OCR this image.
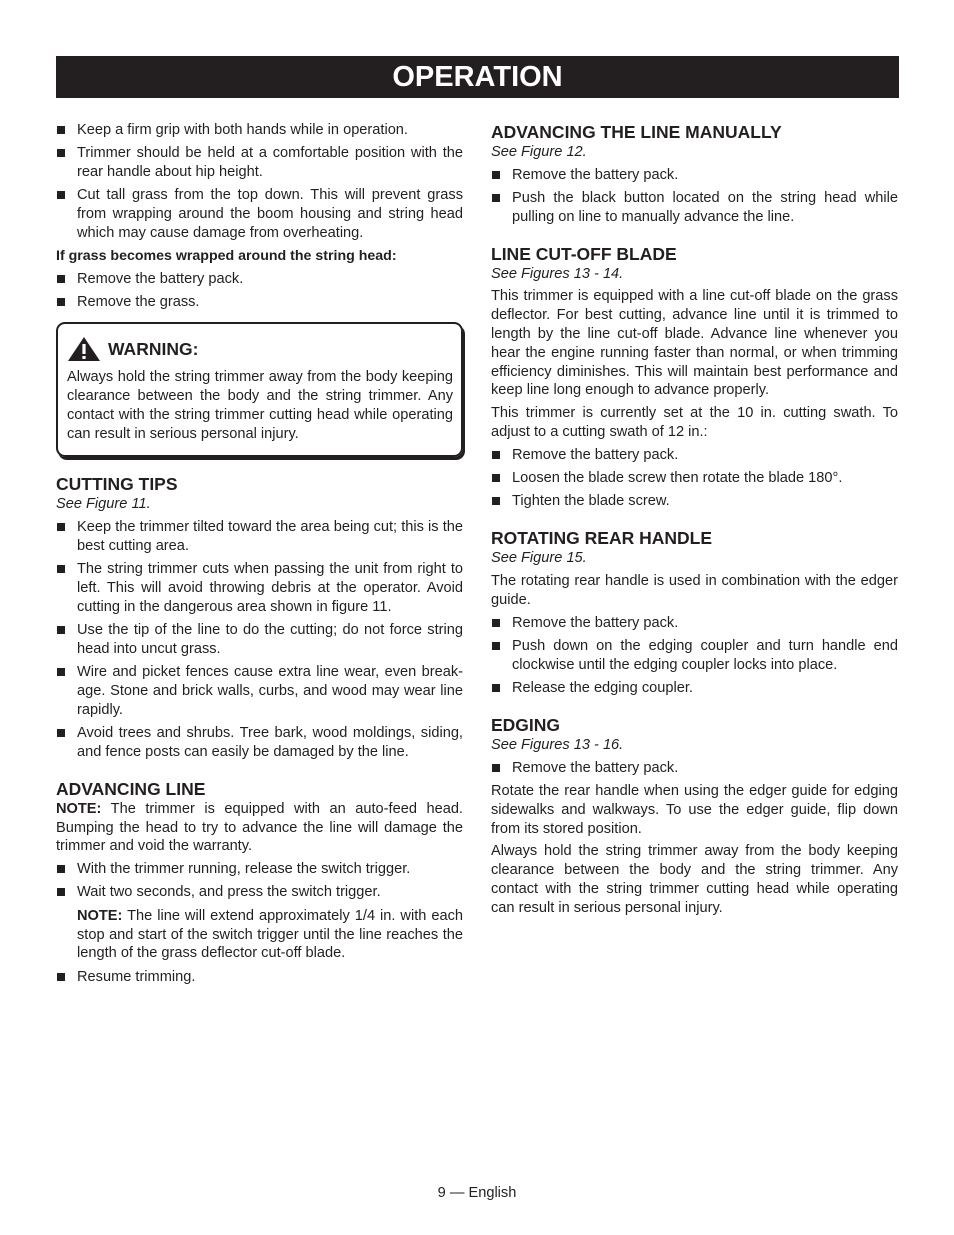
OPERATION
Keep a firm grip with both hands while in operation.
Trimmer should be held at a comfortable position with the rear handle about hip height.
Cut tall grass from the top down. This will prevent grass from wrapping around the boom housing and string head which may cause damage from overheating.
If grass becomes wrapped around the string head:
Remove the battery pack.
Remove the grass.
WARNING:

Always hold the string trimmer away from the body keeping clearance between the body and the string trimmer. Any contact with the string trimmer cutting head while operating can result in serious personal injury.

CUTTING TIPS
See Figure 11.
Keep the trimmer tilted toward the area being cut; this is the best cutting area.
The string trimmer cuts when passing the unit from right to left. This will avoid throwing debris at the operator. Avoid cutting in the dangerous area shown in figure 11.
Use the tip of the line to do the cutting; do not force string head into uncut grass.
Wire and picket fences cause extra line wear, even break-age. Stone and brick walls, curbs, and wood may wear line rapidly.
Avoid trees and shrubs. Tree bark, wood moldings, siding, and fence posts can easily be damaged by the line.
ADVANCING LINE

NOTE: The trimmer is equipped with an auto-feed head. Bumping the head to try to advance the line will damage the trimmer and void the warranty.

With the trimmer running, release the switch trigger.
Wait two seconds, and press the switch trigger.
NOTE: The line will extend approximately 1/4 in. with each stop and start of the switch trigger until the line reaches the length of the grass deflector cut-off blade.
Resume trimming.
ADVANCING THE LINE MANUALLY
See Figure 12.
Remove the battery pack.
Push the black button located on the string head while pulling on line to manually advance the line.
LINE CUT-OFF BLADE
See Figures 13 - 14.

This trimmer is equipped with a line cut-off blade on the grass deflector. For best cutting, advance line until it is trimmed to length by the line cut-off blade. Advance line whenever you hear the engine running faster than normal, or when trimming efficiency diminishes. This will maintain best performance and keep line long enough to advance properly.

This trimmer is currently set at the 10 in. cutting swath. To adjust to a cutting swath of 12 in.:

Remove the battery pack.
Loosen the blade screw then rotate the blade 180°.
Tighten the blade screw.
ROTATING REAR HANDLE
See Figure 15.

The rotating rear handle is used in combination with the edger guide.

Remove the battery pack.
Push down on the edging coupler and turn handle end clockwise until the edging coupler locks into place.
Release the edging coupler.
EDGING
See Figures 13 - 16.
Remove the battery pack.

Rotate the rear handle when using the edger guide for edging sidewalks and walkways. To use the edger guide, flip down from its stored position.

Always hold the string trimmer away from the body keeping clearance between the body and the string trimmer. Any contact with the string trimmer cutting head while operating can result in serious personal injury.

9 — English
